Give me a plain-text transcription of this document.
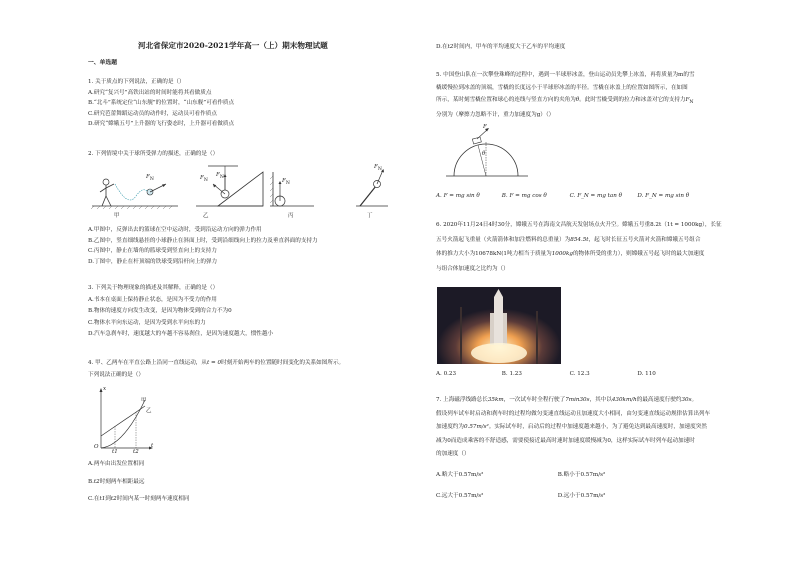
河北省保定市2020-2021学年高一（上）期末物理试题
一、单选题
1. 关于质点的下列说法，正确的是（）
A.研究“复兴号”高铁出站的时间时能将其看做质点
B.“北斗”系统定位“山东舰”的位置时，“山东舰”可看作质点
C.研究芭蕾舞蹈运动员的动作时，运动员可看作质点
D.研究“嫦娥五号”上升器的飞行姿态时，上升器可看做质点
2. 下列情境中关于球所受弹力的描述，正确的是（）
$F_N$	$F_N$
$F_N$
$F_N$
$F_N$
甲	乙	丙	丁
A.甲图中，反弹出去的篮球在空中运动时，受到沿运动方向的弹力作用
B.乙图中，竖直细线悬挂的小球静止在斜面上时，受到沿细线向上的拉力及垂直斜面的支持力
C.丙图中，静止在墙角的篮球受到竖直向上的支持力
D.丁图中，静止在杆顶端的铁球受到沿杆向上的弹力
3. 下列关于物理现象的描述及其解释，正确的是（）
A.书本在桌面上保持静止状态，是因为不受力的作用
B.物体的速度方向发生改变，是因为物体受到的合力不为0
C.物体水平向东运动，是因为受到水平向东的力
D.汽车急刹车时，速度越大的车越不容易刹住，是因为速度越大，惯性越小
4. 甲、乙两车在平直公路上沿同一直线运动，从t = 0时刻开始两车的位置随时间变化的关系如图所示。
下列说法正确的是（）
x
t
O
t1	t2
甲
乙
A.两车由出发位置相同
B.t2时刻两车相距最远
C.在t1到t2时间内某一时刻两车速度相同
D.在t2时间内，甲车的平均速度大于乙车的平均速度
5. 中国登山队在一次攀登珠峰的过程中，遇到一半球形冰盖，登山运动员先攀上冰盖，再将质量为m的雪
橇缓慢拉到冰盖的顶端，雪橇的长度远小于半球形冰盖的半径。雪橇在冰盖上的位置如图所示，在如图
所示，某时刻雪橇位置和球心的连线与竖直方向的夹角为θ。此时雪橇受到的拉力和冰盖对它的支持力$F_N$
分别为（摩擦力忽略不计，重力加速度为g）（）
F
θ
A. F = mg sin θ	B. F = mg cos θ	C. F_N = mg tan θ	D. F_N = mg sin θ
6. 2020年11月24日4时30分，嫦娥五号在海南文昌航天发射场点火升空。嫦娥五号重8.2t（1t = 1000kg），长征
五号火箭起飞重量（火箭箭体和加注燃料的总重量）为854.5t，起飞时长征五号火箭对火箭和嫦娥五号组合
体的推力大小为10678kN(1吨力相当于质量为1000kg的物体所受的重力），则嫦娥五号起飞时的最大加速度
与组合体加速度之比约为（）
A. 0.23	B. 1.23	C. 12.3	D. 110
7. 上海磁浮线路总长35km，一次试车时全程行驶了7min30s，其中以430km/h的最高速度行驶约30s。
假设列车试车时启动和刹车时的过程均做匀变速直线运动且加速度大小相同，由匀变速直线运动规律估算出列车
加速度约为0.57m/s²。实际试车时，启动后的过程中加速度越来越小，为了避免达到最高速度时，加速度突然
减为0而造成乘客的不舒适感，需要使接近最高时速时加速度缓慢减为0，这样实际试车时列车起动加速时
的加速度（）
A.略大于0.57m/s²	B.略小于0.57m/s²
C.远大于0.57m/s²	D.远小于0.57m/s²
